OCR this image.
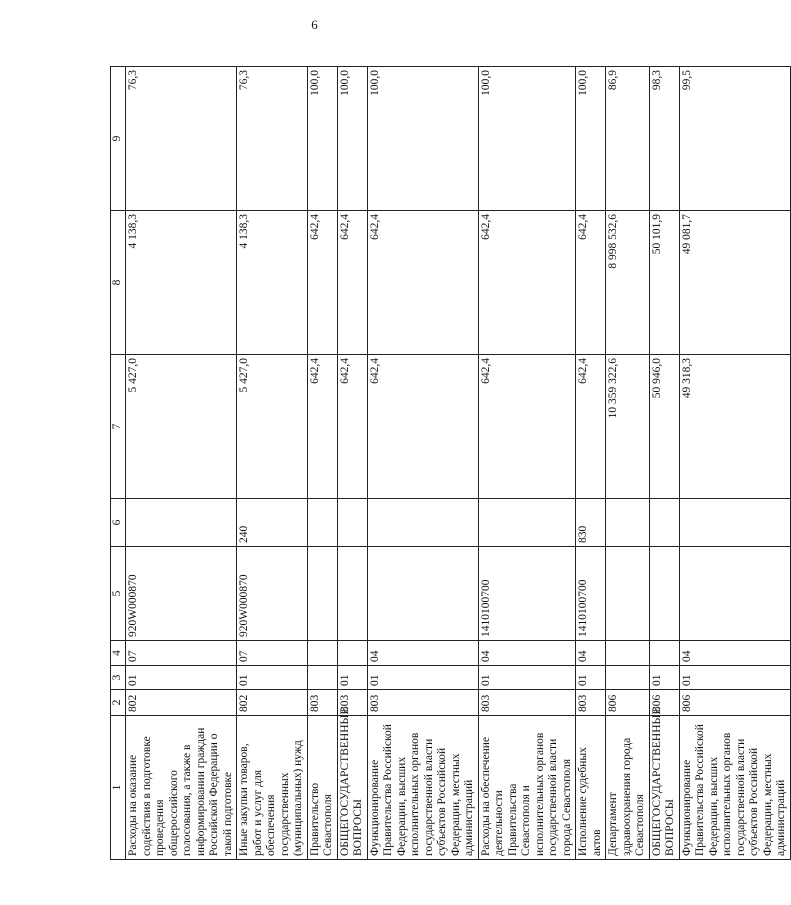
6
1	2	3	4	5	6	7	8	9
Расходы на оказание содействия в подготовке проведения общероссийского голосования, а также в информировании граждан Российской Федерации о такой подготовке	802	01	07	920W000870		5 427,0	4 138,3	76,3
Иные закупки товаров, работ и услуг для обеспечения государственных (муниципальных) нужд	802	01	07	920W000870	240	5 427,0	4 138,3	76,3
Правительство Севастополя	803					642,4	642,4	100,0
ОБЩЕГОСУДАРСТВЕННЫЕ ВОПРОСЫ	803	01				642,4	642,4	100,0
Функционирование Правительства Российской Федерации, высших исполнительных органов государственной власти субъектов Российской Федерации, местных администраций	803	01	04			642,4	642,4	100,0
Расходы на обеспечение деятельности Правительства Севастополя и исполнительных органов государственной власти города Севастополя	803	01	04	1410100700		642,4	642,4	100,0
Исполнение судебных актов	803	01	04	1410100700	830	642,4	642,4	100,0
Департамент здравоохранения города Севастополя	806					10 359 322,6	8 998 532,6	86,9
ОБЩЕГОСУДАРСТВЕННЫЕ ВОПРОСЫ	806	01				50 946,0	50 101,9	98,3
Функционирование Правительства Российской Федерации, высших исполнительных органов государственной власти субъектов Российской Федерации, местных администраций	806	01	04			49 318,3	49 081,7	99,5
